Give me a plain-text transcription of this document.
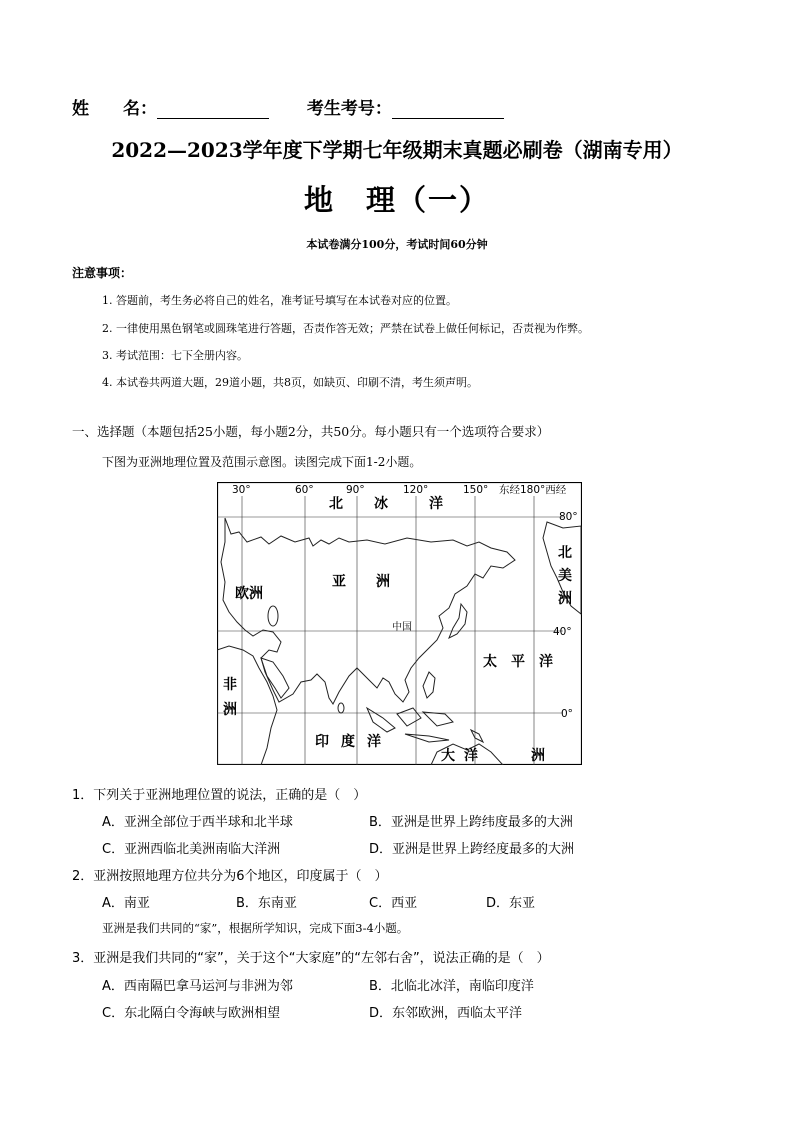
姓　　名：	考生考号：
2022—2023学年度下学期七年级期末真题必刷卷（湖南专用）
地　理（一）
本试卷满分100分，考试时间60分钟
注意事项：
1. 答题前，考生务必将自己的姓名，准考证号填写在本试卷对应的位置。
2. 一律使用黑色钢笔或圆珠笔进行答题，否责作答无效；严禁在试卷上做任何标记，否责视为作弊。
3. 考试范围：七下全册内容。
4. 本试卷共两道大题，29道小题，共8页，如缺页、印刷不清，考生须声明。
一、选择题（本题包括25小题，每小题2分，共50分。每小题只有一个选项符合要求）
下图为亚洲地理位置及范围示意图。读图完成下面1-2小题。
30°	60°	90°	120°	150° 东经180°西经
80°
40°
0°
北 冰	洋
亚 洲
欧洲
北
美
洲
太 平 洋
非
洲
印 度 洋
大 洋	洲
中国
1．下列关于亚洲地理位置的说法，正确的是（　）
A．亚洲全部位于西半球和北半球	B．亚洲是世界上跨纬度最多的大洲
C．亚洲西临北美洲南临大洋洲	D．亚洲是世界上跨经度最多的大洲
2．亚洲按照地理方位共分为6个地区，印度属于（　）
A．南亚	B．东南亚	C．西亚	D．东亚
亚洲是我们共同的“家”，根据所学知识，完成下面3-4小题。
3．亚洲是我们共同的“家”，关于这个“大家庭”的“左邻右舍”，说法正确的是（　）
A．西南隔巴拿马运河与非洲为邻	B．北临北冰洋，南临印度洋
C．东北隔白令海峡与欧洲相望	D．东邻欧洲，西临太平洋
